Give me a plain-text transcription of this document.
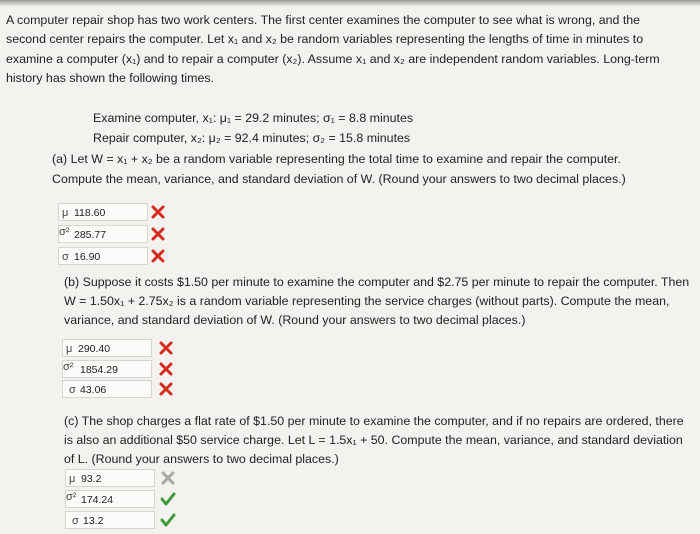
A computer repair shop has two work centers. The first center examines the computer to see what is wrong, and the

second center repairs the computer. Let x₁ and x₂ be random variables representing the lengths of time in minutes to

examine a computer (x₁) and to repair a computer (x₂). Assume x₁ and x₂ are independent random variables. Long-term

history has shown the following times.

Examine computer, x₁: μ₁ = 29.2 minutes; σ₁ = 8.8 minutes
Repair computer, x₂: μ₂ = 92.4 minutes; σ₂ = 15.8 minutes

(a) Let W = x₁ + x₂ be a random variable representing the total time to examine and repair the computer.

Compute the mean, variance, and standard deviation of W. (Round your answers to two decimal places.)

μ 118.60
σ² 285.77
σ 16.90

(b) Suppose it costs $1.50 per minute to examine the computer and $2.75 per minute to repair the computer. Then

W = 1.50x₁ + 2.75x₂ is a random variable representing the service charges (without parts). Compute the mean,

variance, and standard deviation of W. (Round your answers to two decimal places.)

μ 290.40
σ² 1854.29
σ 43.06

(c) The shop charges a flat rate of $1.50 per minute to examine the computer, and if no repairs are ordered, there

is also an additional $50 service charge. Let L = 1.5x₁ + 50. Compute the mean, variance, and standard deviation

of L. (Round your answers to two decimal places.)

μ 93.2
σ² 174.24
σ 13.2
